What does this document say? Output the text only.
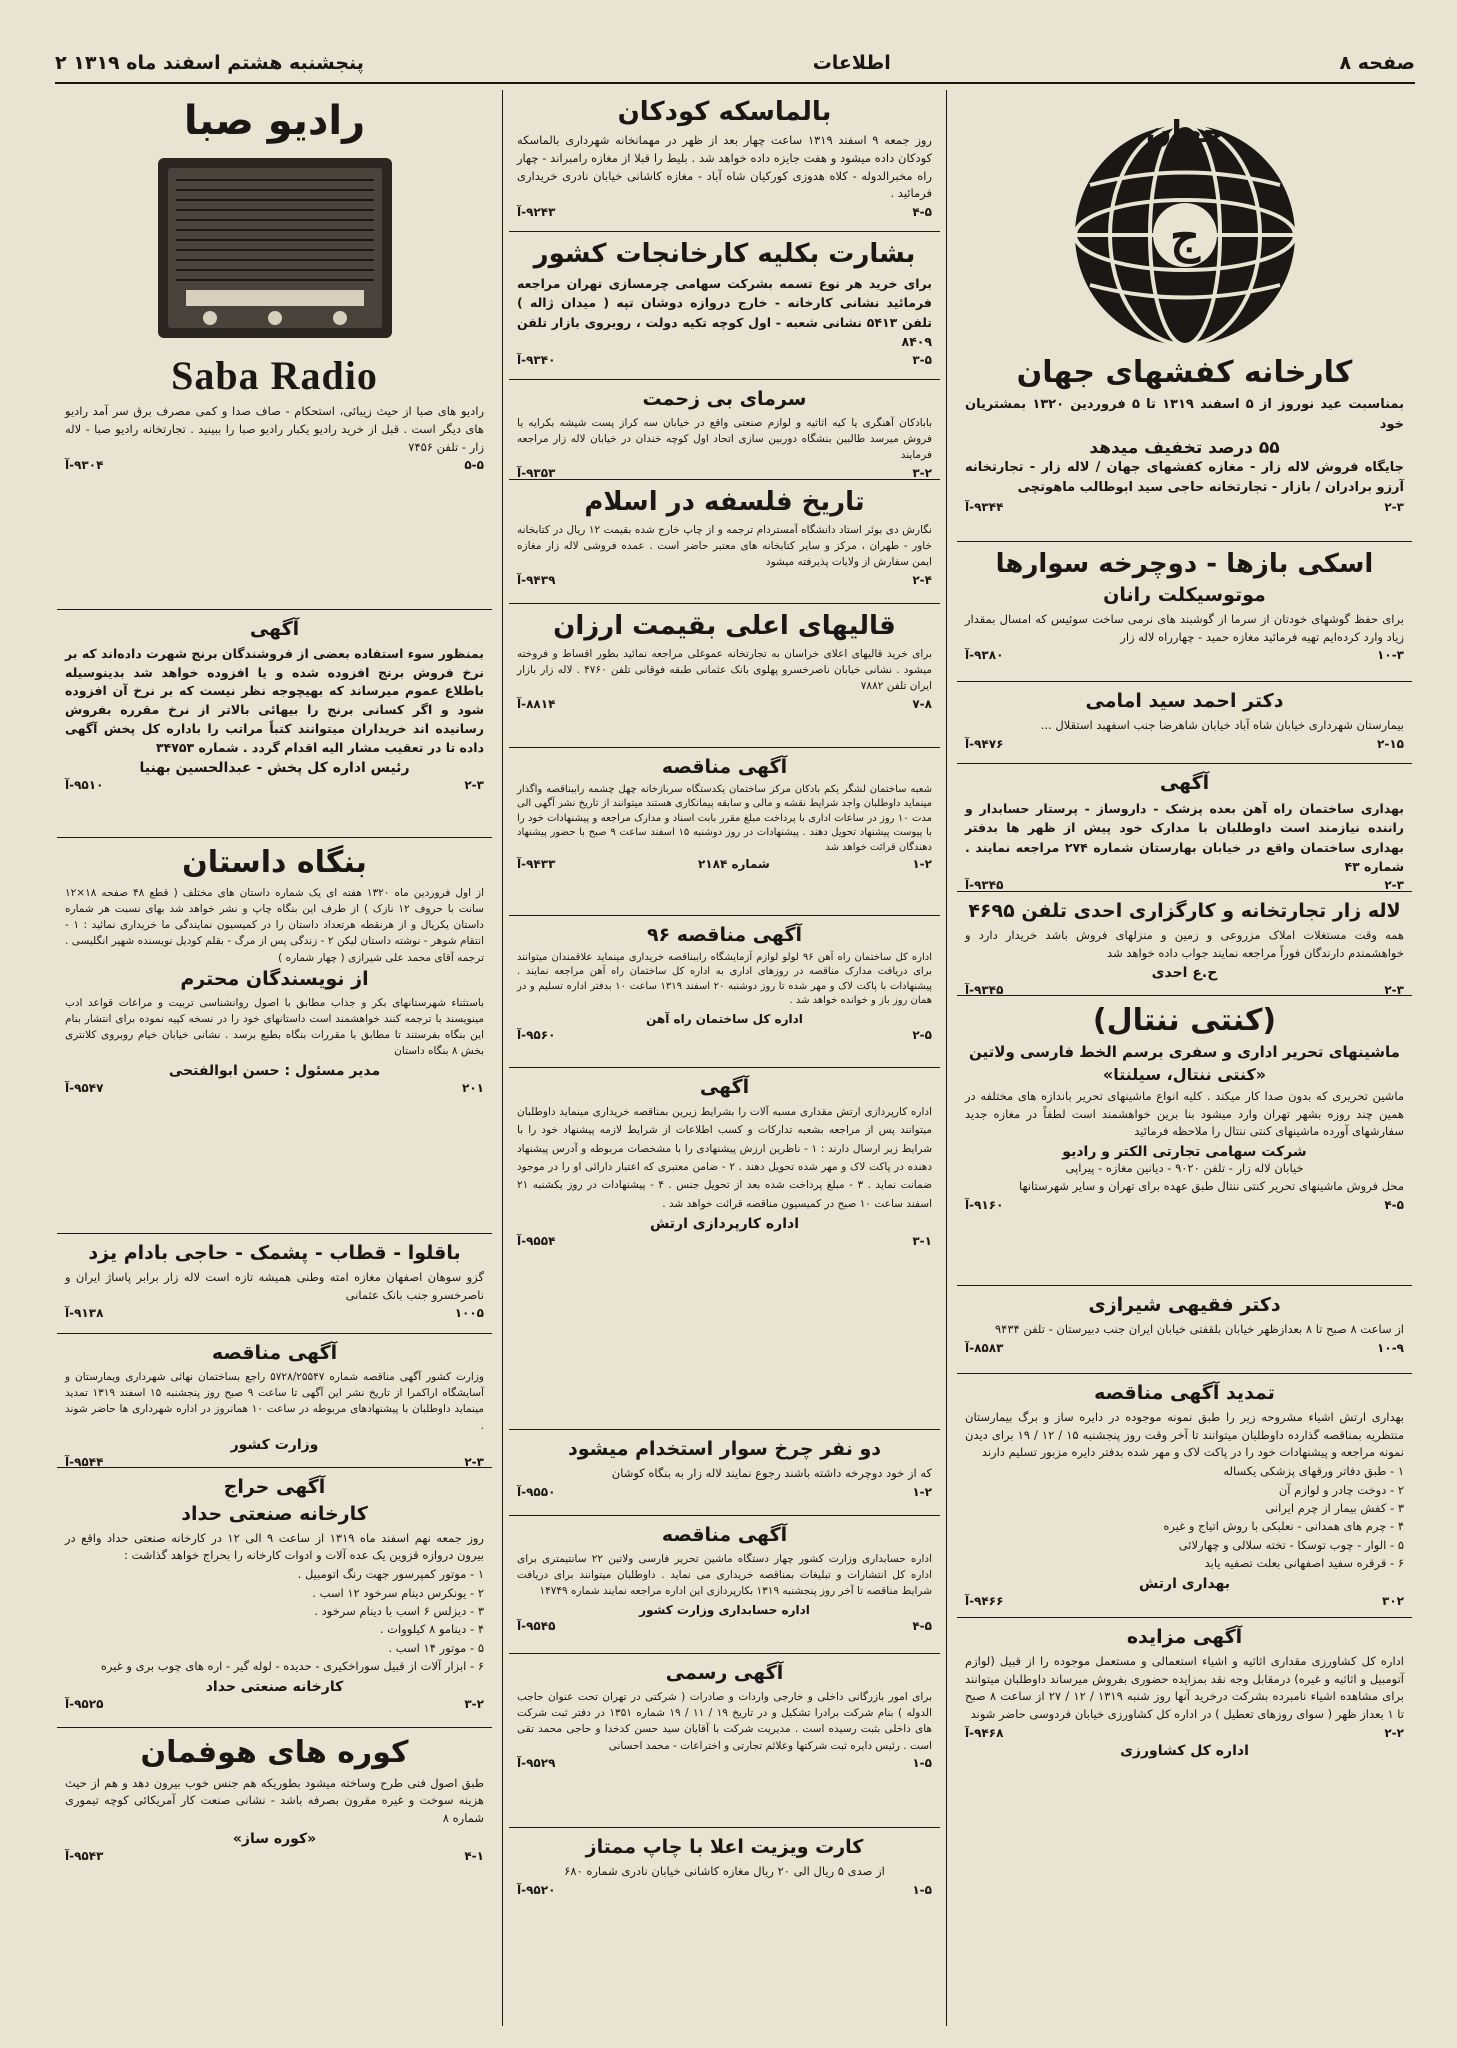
صفحه ۸
اطلاعات
پنجشنبه هشتم اسفند ماه ۱۳۱۹ ۲
ج
جهان
کارخانه کفشهای جهان
بمناسبت عید نوروز از ۵ اسفند ۱۳۱۹ تا ۵ فروردین ۱۳۲۰ بمشتریان خود
۵۵ درصد تخفیف میدهد
جایگاه فروش لاله زار - مغازه کفشهای جهان / لاله زار - تجارتخانه آرزو برادران / بازار - تجارتخانه حاجی سید ابوطالب ماهوتچی
۲-۳
۹۳۴۴-آ
اسکی بازها - دوچرخه سوارها
موتوسیکلت رانان
برای حفظ گوشهای خودتان از سرما از گوشبند های نرمی ساخت سوئیس که امسال بمقدار زیاد وارد کرده‌ایم تهیه فرمائید مغازه حمید - چهارراه لاله زار
۱۰-۳
۹۳۸۰-آ
دکتر احمد سید امامی
بیمارستان شهرداری خیابان شاه آباد خیابان شاهرضا جنب اسفهبد استقلال ...
۲-۱۵
۹۴۷۶-آ
آگهی
بهداری ساختمان راه آهن بعده پزشک - داروساز - پرستار حسابدار و راننده نیازمند است داوطلبان با مدارک خود پیش از ظهر ها بدفتر بهداری ساختمان واقع در خیابان بهارستان شماره ۲۷۴ مراجعه نمایند . شماره ۴۳
۲-۳
۹۳۴۵-آ
لاله زار تجارتخانه و کارگزاری احدی تلفن ۴۶۹۵
همه وقت مستغلات املاک مزروعی و زمین و منزلهای فروش باشد خریدار دارد و خواهشمندم دارندگان فوراً مراجعه نمایند جواب داده خواهد شد
ح.ع احدی
۲-۳
۹۳۴۵-آ
(کنتی ننتال)
ماشینهای تحریر اداری و سفری برسم الخط فارسی ولاتین
«کنتی ننتال، سیلنتا»
ماشین تحریری که بدون صدا کار میکند . کلیه انواع ماشینهای تحریر باندازه های مختلفه در همین چند روزه بشهر تهران وارد میشود بنا برین خواهشمند است لطفاً در مغازه جدید سفارشهای آورده ماشینهای کنتی ننتال را ملاحظه فرمائید
شرکت سهامی تجارتی الکتر و رادیو
خیابان لاله زار - تلفن ۹۰۲۰ - دیانین مغازه - پیراپی
محل فروش ماشینهای تحریر کنتی ننتال طبق عهده برای تهران و سایر شهرستانها
۴-۵
۹۱۶۰-آ
دکتر فقیهی شیرازی
از ساعت ۸ صبح تا ۸ بعدازظهر خیابان بلقفتی خیابان ایران جنب دبیرستان - تلفن ۹۴۳۴
۱۰-۹
۸۵۸۳-آ
تمدید آگهی مناقصه
بهداری ارتش اشیاء مشروحه زیر را طبق نمونه موجوده در دایره ساز و برگ بیمارستان منتظریه بمناقصه گذارده داوطلبان میتوانند تا آخر وقت روز پنجشنبه ۱۵ / ۱۲ / ۱۹ برای دیدن نمونه مراجعه و پیشنهادات خود را در پاکت لاک و مهر شده بدفتر دایره مزبور تسلیم دارند
۱ - طبق دفاتر ورقهای پزشکی یکساله
۲ - دوخت چادر و لوازم آن
۳ - کفش بیمار از چرم ایرانی
۴ - چرم های همدانی - نعلبکی با روش اتیاج و غیره
۵ - الوار - چوب توسکا - تخته سلالی و چهارلائی
۶ - قرقره سفید اصفهانی بعلت تصفیه یابد
بهداری ارتش
۳۰۲
۹۴۶۶-آ
آگهی مزایده
اداره کل کشاورزی مقداری اثاثیه و اشیاء استعمالی و مستعمل موجوده را از قبیل (لوازم آتومبیل و اثاثیه و غیره) درمقابل وجه نقد بمزایده حضوری بفروش میرساند داوطلبان میتوانند برای مشاهده اشیاء نامبرده بشرکت درخرید آنها روز شنبه ۱۳۱۹ / ۱۲ / ۲۷ از ساعت ۸ صبح تا ۱ بعداز ظهر ( سوای روزهای تعطیل ) در اداره کل کشاورزی خیابان فردوسی حاضر شوند
۲-۲
۹۴۶۸-آ
اداره کل کشاورزی
بالماسکه کودکان
روز جمعه ۹ اسفند ۱۳۱۹ ساعت چهار بعد از ظهر در مهمانخانه شهرداری بالماسکه کودکان داده میشود و هفت جایزه داده خواهد شد . بلیط را قبلا از مغازه رامبراند - چهار راه مخبرالدوله - کلاه هدوزی کورکیان شاه آباد - مغازه کاشانی خیابان نادری خریداری فرمائید .
۴-۵
۹۲۴۳-آ
بشارت بکلیه کارخانجات کشور
برای خرید هر نوع تسمه بشرکت سهامی چرمسازی تهران مراجعه فرمائید نشانی کارخانه - خارج دروازه دوشان تپه ( میدان ژاله ) تلفن ۵۴۱۳ نشانی شعبه - اول کوچه تکیه دولت ، روبروی بازار تلفن ۸۴۰۹
۳-۵
۹۳۴۰-آ
سرمای بی زحمت
بابادکان آهنگری یا کیه اثاثیه و لوازم صنعتی واقع در خیابان سه کراز پست شیشه بکرایه یا فروش میرسد طالبین بنشگاه دوربین سازی اتحاد اول کوچه خندان در خیابان لاله زار مراجعه فرمایند
۳-۲
۹۳۵۳-آ
تاریخ فلسفه در اسلام
نگارش دی بوئر استاد دانشگاه آمستردام ترجمه و از چاپ خارج شده بقیمت ۱۲ ریال در کتابخانه خاور - طهران ، مرکز و سایر کتابخانه های معتبر حاضر است . عمده فروشی لاله زار مغازه ایمن سفارش از ولایات پذیرفته میشود
۲-۴
۹۴۳۹-آ
قالیهای اعلی بقیمت ارزان
برای خرید قالیهای اعلای خراسان به تجارتخانه عموغلی مراجعه نمائید بطور اقساط و فروخته میشود . نشانی خیابان ناصرخسرو پهلوی بانک عثمانی طبقه فوقانی تلفن ۴۷۶۰ . لاله زار بازار ایران تلفن ۷۸۸۲
۷-۸
۸۸۱۴-آ
آگهی مناقصه
شعبه ساختمان لشگر یکم بادکان مرکز ساختمان یکدستگاه سربازخانه چهل چشمه راببناقصه واگذار مینماید داوطلبان واجد شرایط نقشه و مالی و سابقه پیمانکاری هستند میتوانند از تاریخ نشر آگهی الی مدت ۱۰ روز در ساعات اداری با پرداخت مبلغ مقرر بابت اسناد و مدارک مراجعه و پیشنهادات خود را با پیوست پیشنهاد تحویل دهند . پیشنهادات در روز دوشنبه ۱۵ اسفند ساعت ۹ صبح با حضور پیشنهاد دهندگان قرائت خواهد شد
۱-۲
شماره ۲۱۸۴
۹۴۳۳-آ
آگهی مناقصه ۹۶
اداره کل ساختمان راه آهن ۹۶ لولو لوازم آزمایشگاه راببناقصه خریداری مینماید علاقمندان میتوانند برای دریافت مدارک مناقصه در روزهای اداری به اداره کل ساختمان راه آهن مراجعه نمایند . پیشنهادات با پاکت لاک و مهر شده تا روز دوشنبه ۲۰ اسفند ۱۳۱۹ ساعت ۱۰ بدفتر اداره تسلیم و در همان روز باز و خوانده خواهد شد .
اداره کل ساختمان راه آهن
۲-۵
۹۵۶۰-آ
آگهی
اداره کارپردازی ارتش مقداری مسبه آلات را بشرایط زیرین بمناقصه خریداری مینماید داوطلبان میتوانند پس از مراجعه بشعبه تدارکات و کسب اطلاعات از شرایط لازمه پیشنهاد خود را با شرایط زیر ارسال دارند : ۱ - ناظرین ارزش پیشنهادی را با مشخصات مربوطه و آدرس پیشنهاد دهنده در پاکت لاک و مهر شده تحویل دهند . ۲ - ضامن معتبری که اعتبار دارائی او را در موجود ضمانت نماید . ۳ - مبلغ پرداخت شده بعد از تحویل جنس . ۴ - پیشنهادات در روز یکشنبه ۲۱ اسفند ساعت ۱۰ صبح در کمیسیون مناقصه قرائت خواهد شد .
اداره کارپردازی ارتش
۳-۱
۹۵۵۴-آ
دو نفر چرخ سوار استخدام میشود
که از خود دوچرخه داشته باشند رجوع نمایند لاله زار به بنگاه کوشان
۱-۲
۹۵۵۰-آ
آگهی مناقصه
اداره حسابداری وزارت کشور چهار دستگاه ماشین تحریر فارسی ولاتین ۲۲ سانتیمتری برای اداره کل انتشارات و تبلیغات بمناقصه خریداری می نماید . داوطلبان میتوانند برای دریافت شرایط مناقصه تا آخر روز پنجشنبه ۱۳۱۹ بکارپردازی این اداره مراجعه نمایند شماره ۱۴۷۴۹
اداره حسابداری وزارت کشور
۴-۵
۹۵۴۵-آ
آگهی رسمی
برای امور بازرگانی داخلی و خارجی واردات و صادرات ( شرکتی در تهران تحت عنوان حاجب الدوله ) بنام شرکت برادرا تشکیل و در تاریخ ۱۹ / ۱۱ / ۱۹ شماره ۱۳۵۱ در دفتر ثبت شرکت های داخلی بثبت رسیده است . مدیریت شرکت با آقایان سید حسن کدخدا و حاجی محمد تقی است . رئیس دایره ثبت شرکتها وعلائم تجارتی و اختراعات - محمد احسانی
۱-۵
۹۵۲۹-آ
کارت ویزیت اعلا با چاپ ممتاز
از صدی ۵ ریال الی ۲۰ ریال مغازه کاشانی خیابان نادری شماره ۶۸۰
۱-۵
۹۵۲۰-آ
رادیو صبا
Saba Radio
رادیو های صبا از حیث زیبائی، استحکام - صاف صدا و کمی مصرف برق سر آمد رادیو های دیگر است . قبل از خرید رادیو یکبار رادیو صبا را ببینید . تجارتخانه رادیو صبا - لاله زار - تلفن ۷۴۵۶
۵-۵
۹۳۰۴-آ
آگهی
بمنظور سوء استفاده بعضی از فروشندگان برنج شهرت داده‌اند که بر نرخ فروش برنج افزوده شده و یا افزوده خواهد شد بدینوسیله باطلاع عموم میرساند که بهیچوجه نظر نیست که بر نرخ آن افزوده شود و اگر کسانی برنج را بیهائی بالاتر از نرخ مقرره بفروش رسانیده اند خریداران میتوانند کتباً مراتب را باداره کل پخش آگهی داده تا در تعقیب مشار الیه اقدام گردد . شماره ۳۴۷۵۳
رئیس اداره کل پخش - عبدالحسین بهنیا
۲-۳
۹۵۱۰-آ
بنگاه داستان
از اول فروردین ماه ۱۳۲۰ هفته ای یک شماره داستان های مختلف ( قطع ۴۸ صفحه ۱۸×۱۲ سانت با حروف ۱۲ نازک ) از طرف این بنگاه چاپ و نشر خواهد شد بهای نسبت هر شماره داستان یکریال و از هرنقطه هرتعداد داستان را در کمیسیون نمایندگی ما خریداری نمائید : ۱ - انتقام شوهر - نوشته داستان لیکن ۲ - زندگی پس از مرگ - بقلم کودیل نویسنده شهیر انگلیسی . ترجمه آقای محمد علی شیرازی ( چهار شماره )
از نویسندگان محترم
باستثناء شهرستانهای بکر و جذاب مطابق با اصول روانشناسی تربیت و مراعات قواعد ادب مینویسند با ترجمه کنند خواهشمند است داستانهای خود را در نسخه کپیه نموده برای انتشار بنام این بنگاه بفرستند تا مطابق با مقررات بنگاه بطبع برسد . نشانی خیابان خیام روبروی کلانتری بخش ۸ بنگاه داستان
مدیر مسئول : حسن ابوالفتحی
۲۰۱
۹۵۴۷-آ
باقلوا - قطاب - پشمک - حاجی بادام یزد
گزو سوهان اصفهان مغازه امته وطنی همیشه تازه است لاله زار برابر پاساژ ایران و ناصرخسرو جنب بانک عثمانی
۱۰۰۵
۹۱۳۸-آ
آگهی مناقصه
وزارت کشور آگهی مناقصه شماره ۵۷۲۸/۲۵۵۴۷ راجع بساختمان نهائی شهرداری ویمارستان و آسایشگاه اراکمرا از تاریخ نشر این آگهی تا ساعت ۹ صبح روز پنجشنبه ۱۵ اسفند ۱۳۱۹ تمدید مینماید داوطلبان با پیشنهادهای مربوطه در ساعت ۱۰ همانروز در اداره شهرداری ها حاضر شوند .
وزارت کشور
۲-۳
۹۵۴۴-آ
آگهی حراج
کارخانه صنعتی حداد
روز جمعه نهم اسفند ماه ۱۳۱۹ از ساعت ۹ الی ۱۲ در کارخانه صنعتی حداد واقع در بیرون دروازه قزوین یک عده آلات و ادوات کارخانه را بحراج خواهد گذاشت :
۱ - موتور کمپرسور جهت رنگ اتومبیل .
۲ - یونکرس دینام سرخود ۱۲ اسب .
۳ - دیزلس ۶ اسب با دینام سرخود .
۴ - دینامو ۸ کیلووات .
۵ - موتور ۱۴ اسب .
۶ - ابزار آلات از قبیل سوراخکیری - حدیده - لوله گیر - اره های چوب بری و غیره
کارخانه صنعتی حداد
۳-۲
۹۵۲۵-آ
کوره های هوفمان
طبق اصول فنی طرح وساخته میشود بطوریکه هم جنس خوب بیرون دهد و هم از حیث هزینه سوخت و غیره مقرون بصرفه باشد - نشانی صنعت کار آمریکائی کوچه تیموری شماره ۸
«کوره ساز»
۴-۱
۹۵۴۳-آ
